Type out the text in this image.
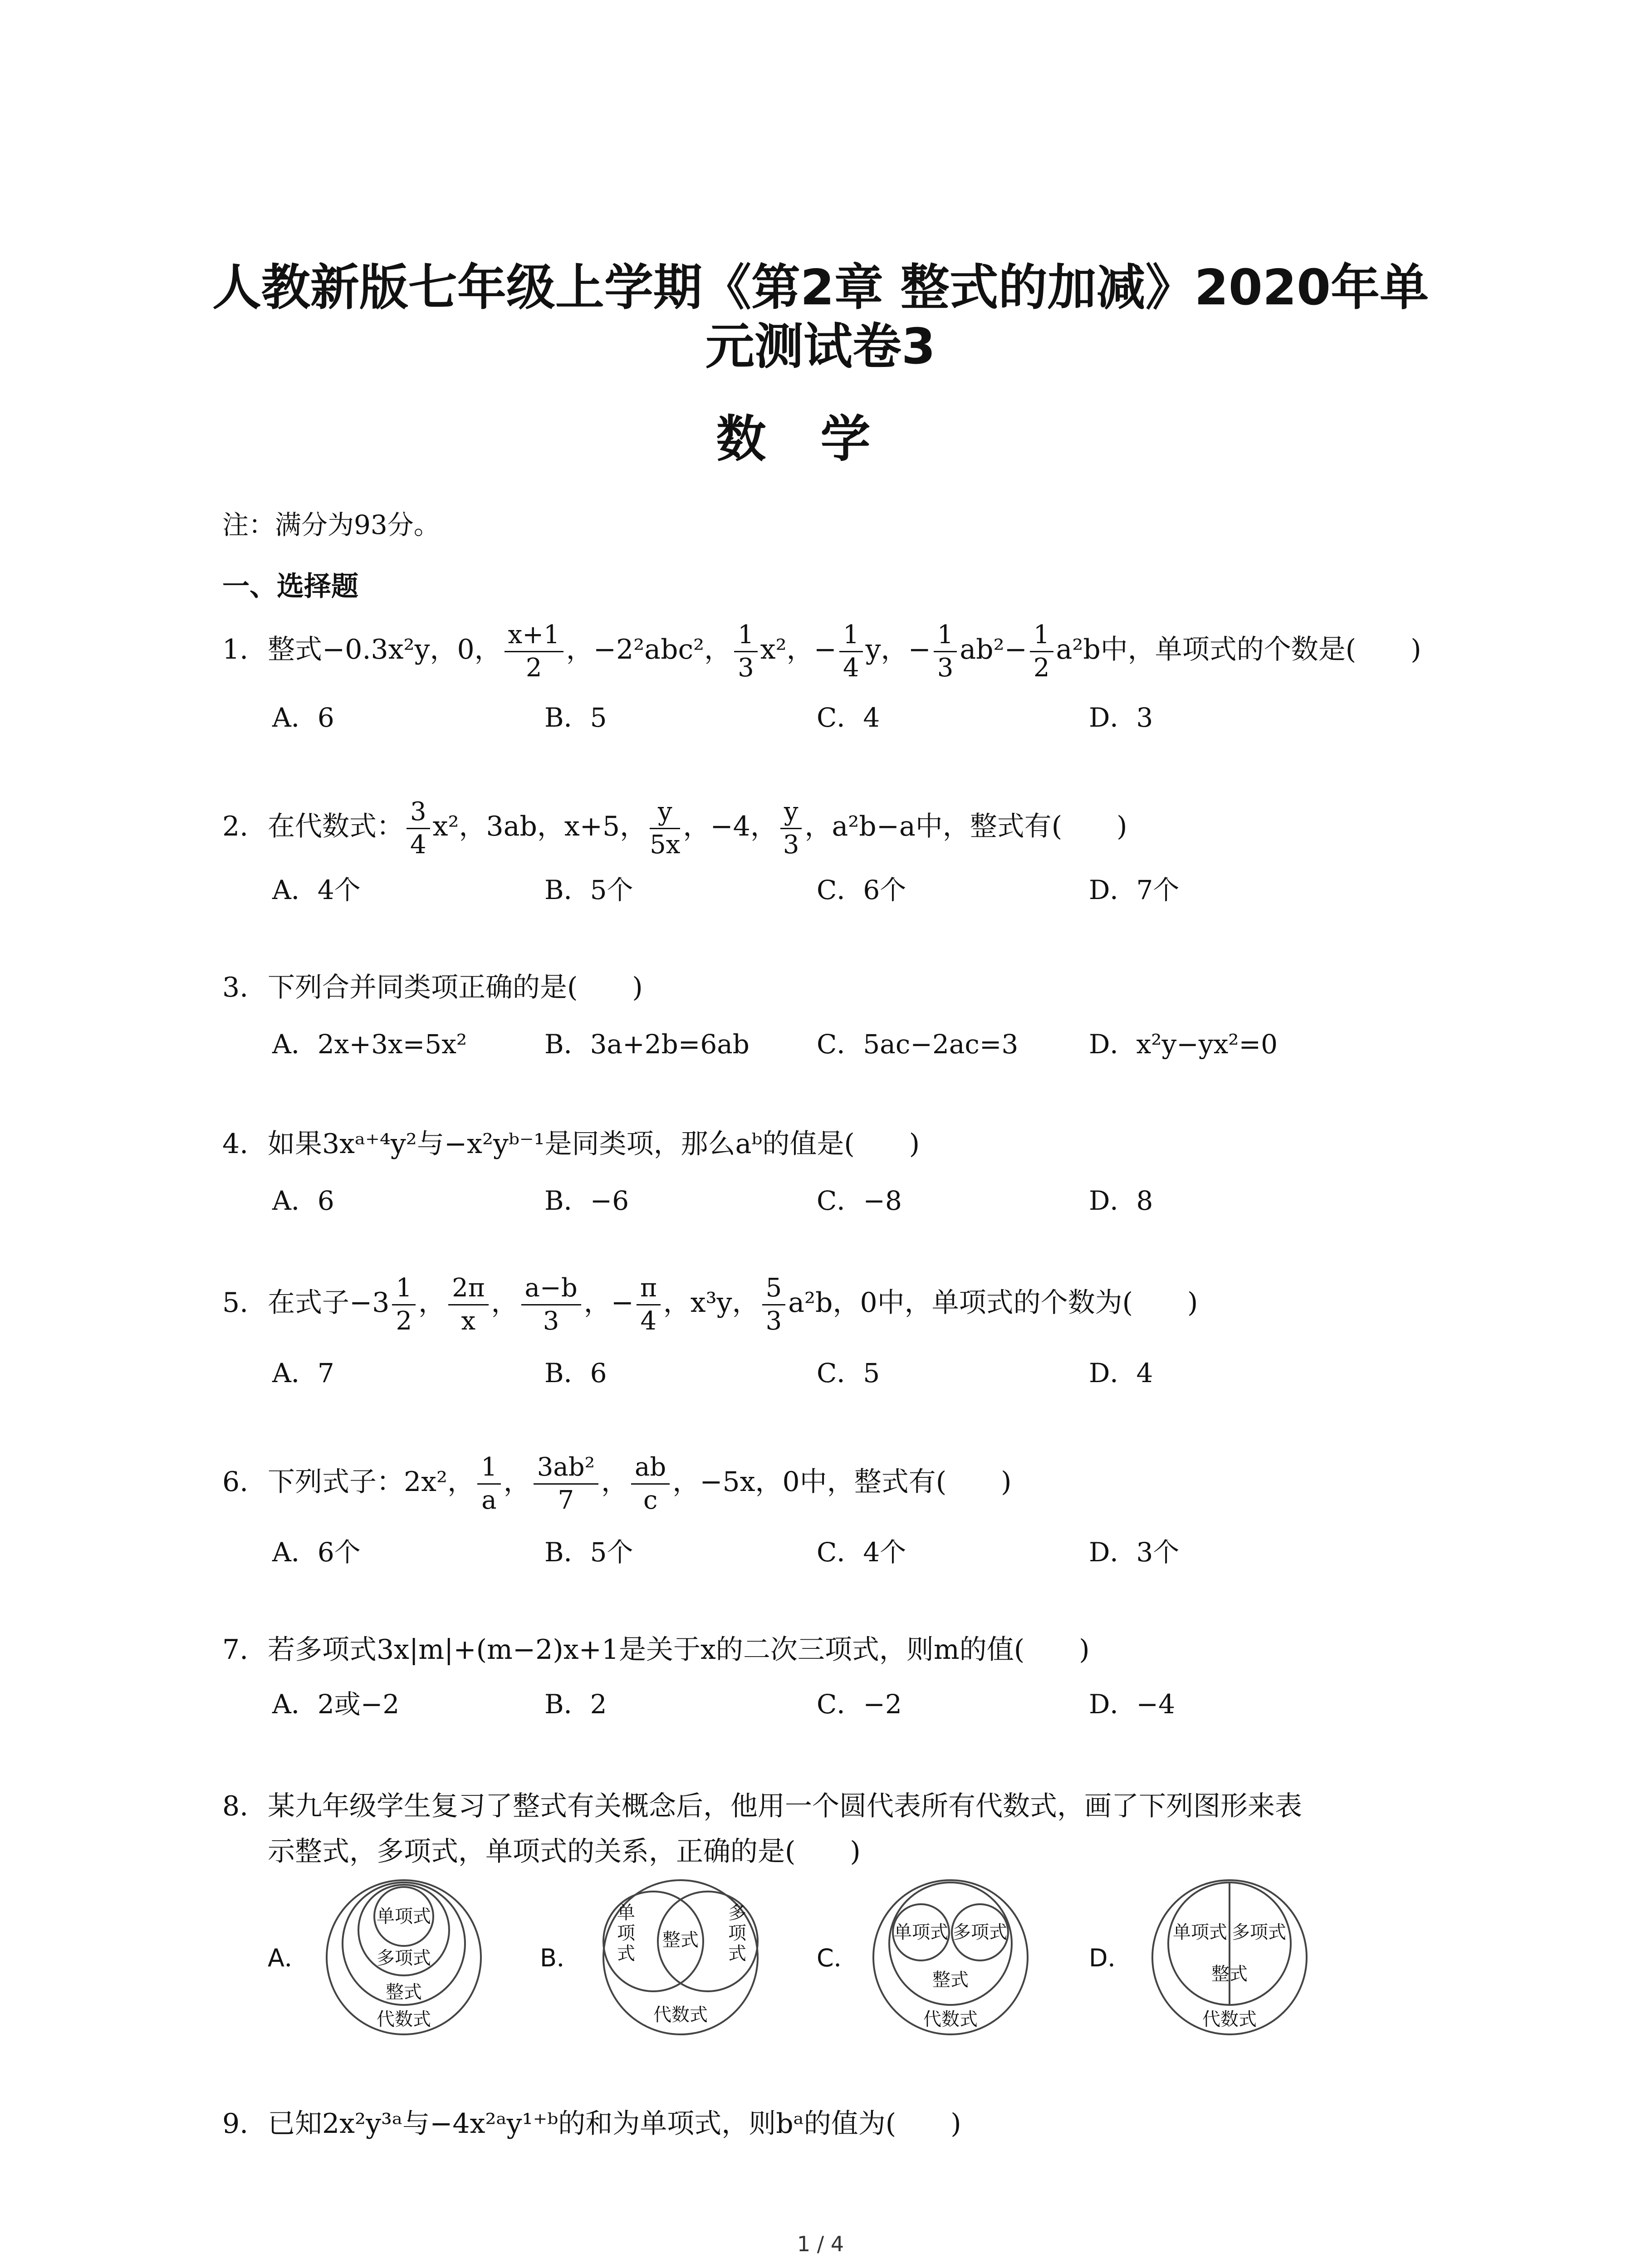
人教新版七年级上学期《第2章 整式的加减》2020年单
元测试卷3
数学
注：满分为93分。
一、选择题
1. 整式−0.3x²y，0， $\frac{x+1}{2}$ ，−2²abc²， $\frac{1}{3} x^2$，− $\frac{1}{4}$ y，− $\frac{1}{3} ab^2- \frac{1}{2} a^2b$中，单项式的个数是(　　)
A．6	B．5	C．4	D．3
2. 在代数式： $\frac{3}{4} x^2$，3ab，x+5， $\frac{y}{5x}$ ，−4， $\frac{y}{3}$ ，a²b−a中，整式有(　　)
A．4个	B．5个	C．6个	D．7个
3. 下列合并同类项正确的是(　　)
A．2x+3x=5x²	B．3a+2b=6ab	C．5ac−2ac=3	D．x²y−yx²=0
4. 如果3xᵃ⁺⁴y²与−x²yᵇ⁻¹是同类项，那么aᵇ的值是(　　)
A．6	B．−6	C．−8	D．8
5. 在式子$-3 \frac{1}{2}$ ， $\frac{2\pi}{x}$ ， $\frac{a-b}{3}$ ，− $\frac{\pi}{4}$ ，x³y， $\frac{5}{3} a^2b$，0中，单项式的个数为(　　)
A．7	B．6	C．5	D．4
6. 下列式子：2x²， $\frac{1}{a}$ ， $\frac{\text{3ab²}}{7}$ ， $\frac{ab}{c}$ ，−5x，0中，整式有(　　)
A．6个	B．5个	C．4个	D．3个
7. 若多项式3x|m|+(m−2)x+1是关于x的二次三项式，则m的值(　　)
A．2或−2	B．2	C．−2	D．−4
8. 某九年级学生复习了整式有关概念后，他用一个圆代表所有代数式，画了下列图形来表
示整式，多项式，单项式的关系，正确的是(　　)
A．
单项式
多项式
整式
代数式
B．
单
项
式
整式
多
项
式
代数式
C．
单项式 多项式
整式
代数式
D．
单项式 多项式
整式
代数式
9. 已知2x²y³ᵃ与−4x²ᵃy¹⁺ᵇ的和为单项式，则bᵃ的值为(　　)
1 / 4
